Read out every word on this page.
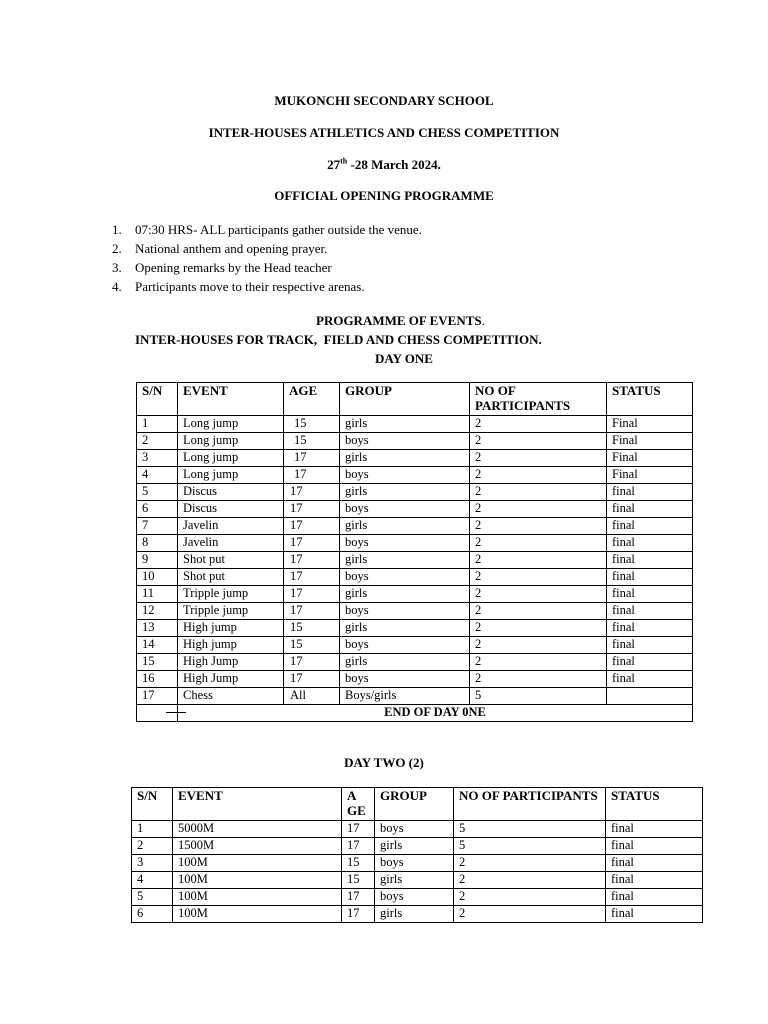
MUKONCHI SECONDARY SCHOOL
INTER-HOUSES ATHLETICS AND CHESS COMPETITION
27th -28 March 2024.
OFFICIAL OPENING PROGRAMME
1. 07:30 HRS- ALL participants gather outside the venue.
2. National anthem and opening prayer.
3. Opening remarks by the Head teacher
4. Participants move to their respective arenas.
PROGRAMME OF EVENTS.
INTER-HOUSES FOR TRACK,  FIELD AND CHESS COMPETITION.
DAY ONE
S/N	EVENT	AGE	GROUP	NO OF PARTICIPANTS	STATUS
1	Long jump	15	girls	2	Final
2	Long jump	15	boys	2	Final
3	Long jump	17	girls	2	Final
4	Long jump	17	boys	2	Final
5	Discus	17	girls	2	final
6	Discus	17	boys	2	final
7	Javelin	17	girls	2	final
8	Javelin	17	boys	2	final
9	Shot put	17	girls	2	final
10	Shot put	17	boys	2	final
11	Tripple jump	17	girls	2	final
12	Tripple jump	17	boys	2	final
13	High jump	15	girls	2	final
14	High jump	15	boys	2	final
15	High Jump	17	girls	2	final
16	High Jump	17	boys	2	final
17	Chess	All	Boys/girls	5	
	END OF DAY 0NE				
DAY TWO (2)
S/N	EVENT	A GE	GROUP	NO OF PARTICIPANTS	STATUS
1	5000M	17	boys	5	final
2	1500M	17	girls	5	final
3	100M	15	boys	2	final
4	100M	15	girls	2	final
5	100M	17	boys	2	final
6	100M	17	girls	2	final
